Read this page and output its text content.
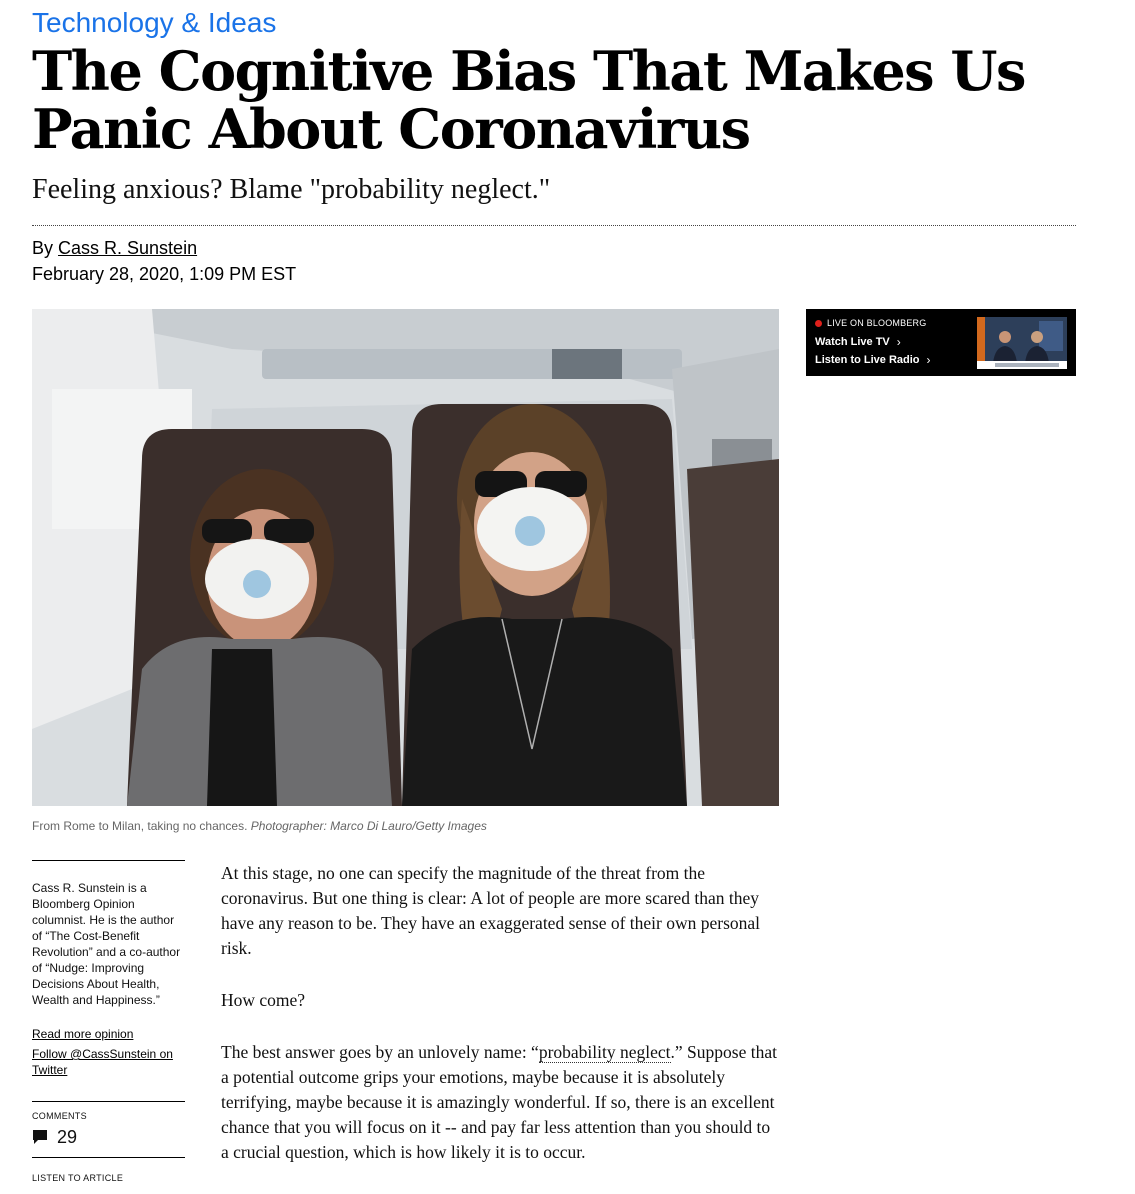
Technology & Ideas
The Cognitive Bias That Makes Us Panic About Coronavirus
Feeling anxious? Blame "probability neglect."
By Cass R. Sunstein
February 28, 2020, 1:09 PM EST
From Rome to Milan, taking no chances. Photographer: Marco Di Lauro/Getty Images
LIVE ON BLOOMBERG
Watch Live TV ›
Listen to Live Radio ›
Cass R. Sunstein is a Bloomberg Opinion columnist. He is the author of “The Cost-Benefit Revolution” and a co-author of “Nudge: Improving Decisions About Health, Wealth and Happiness.”
Read more opinion
Follow @CassSunstein on Twitter
COMMENTS
29
LISTEN TO ARTICLE

At this stage, no one can specify the magnitude of the threat from the coronavirus. But one thing is clear: A lot of people are more scared than they have any reason to be. They have an exaggerated sense of their own personal risk.

How come?

The best answer goes by an unlovely name: “probability neglect.” Suppose that a potential outcome grips your emotions, maybe because it is absolutely terrifying, maybe because it is amazingly wonderful. If so, there is an excellent chance that you will focus on it -- and pay far less attention than you should to a crucial question, which is how likely it is to occur.
